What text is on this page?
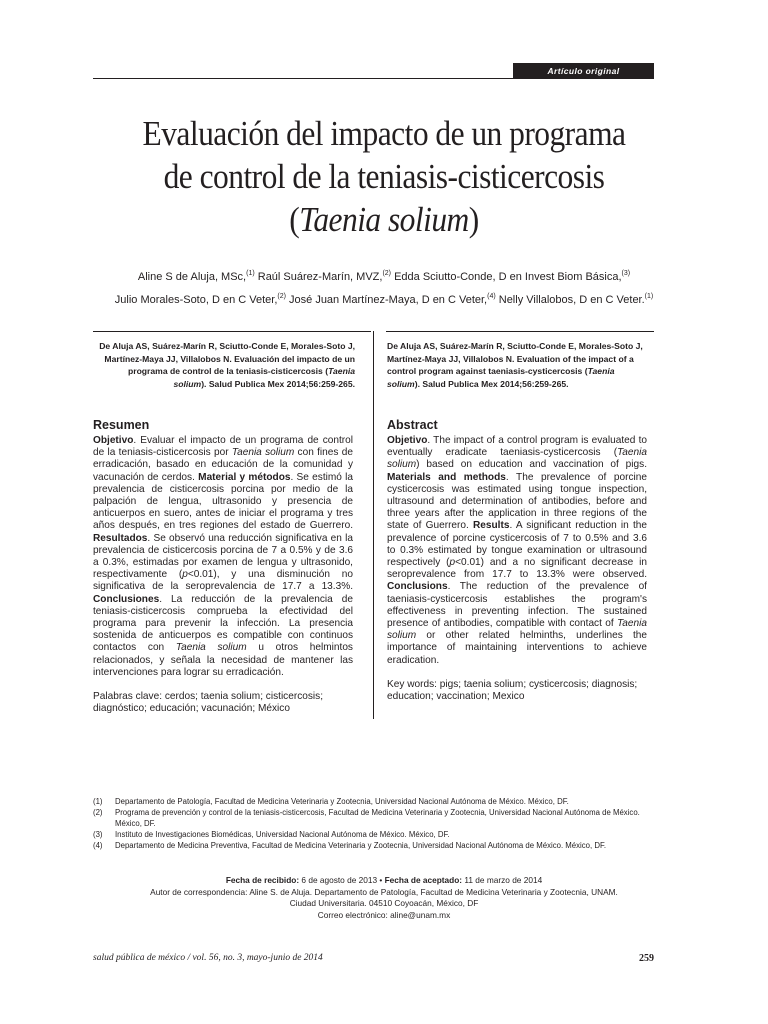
Artículo original
Evaluación del impacto de un programa
de control de la teniasis-cisticercosis
(Taenia solium)
Aline S de Aluja, MSc,$^{(1)}$ Raúl Suárez-Marín, MVZ,$^{(2)}$ Edda Sciutto-Conde, D en Invest Biom Básica,$^{(3)}$
Julio Morales-Soto, D en C Veter,$^{(2)}$ José Juan Martínez-Maya, D en C Veter,$^{(4)}$ Nelly Villalobos, D en C Veter.$^{(1)}$
De Aluja AS, Suárez-Marín R, Sciutto-Conde E, Morales-Soto J, Martínez-Maya JJ, Villalobos N. Evaluación del impacto de un programa de control de la teniasis-cisticercosis (Taenia solium). Salud Publica Mex 2014;56:259-265.
De Aluja AS, Suárez-Marín R, Sciutto-Conde E, Morales-Soto J, Martínez-Maya JJ, Villalobos N. Evaluation of the impact of a control program against taeniasis-cysticercosis (Taenia solium). Salud Publica Mex 2014;56:259-265.
Resumen

Objetivo. Evaluar el impacto de un programa de control de la teniasis-cisticercosis por Taenia solium con fines de erradicación, basado en educación de la comunidad y vacunación de cerdos. Material y métodos. Se estimó la prevalencia de cisticercosis porcina por medio de la palpación de lengua, ultrasonido y presencia de anticuerpos en suero, antes de iniciar el programa y tres años después, en tres regiones del estado de Guerrero. Resultados. Se observó una reducción significativa en la prevalencia de cisticercosis porcina de 7 a 0.5% y de 3.6 a 0.3%, estimadas por examen de lengua y ultrasonido, respectivamente (p<0.01), y una disminución no significativa de la seroprevalencia de 17.7 a 13.3%. Conclusiones. La reducción de la prevalencia de teniasis-cisticercosis comprueba la efectividad del programa para prevenir la infección. La presencia sostenida de anticuerpos es compatible con continuos contactos con Taenia solium u otros helmintos relacionados, y señala la necesidad de mantener las intervenciones para lograr su erradicación.

Palabras clave: cerdos; taenia solium; cisticercosis; diagnóstico; educación; vacunación; México

Abstract

Objetivo. The impact of a control program is evaluated to eventually eradicate taeniasis-cysticercosis (Taenia solium) based on education and vaccination of pigs. Materials and methods. The prevalence of porcine cysticercosis was estimated using tongue inspection, ultrasound and determination of antibodies, before and three years after the application in three regions of the state of Guerrero. Results. A significant reduction in the prevalence of porcine cysticercosis of 7 to 0.5% and 3.6 to 0.3% estimated by tongue examination or ultrasound respectively (p<0.01) and a no significant decrease in seroprevalence from 17.7 to 13.3% were observed. Conclusions. The reduction of the prevalence of taeniasis-cysticercosis establishes the program's effectiveness in preventing infection. The sustained presence of antibodies, compatible with contact of Taenia solium or other related helminths, underlines the importance of maintaining interventions to achieve eradication.

Key words: pigs; taenia solium; cysticercosis; diagnosis; education; vaccination; Mexico

(1)	Departamento de Patología, Facultad de Medicina Veterinaria y Zootecnia, Universidad Nacional Autónoma de México. México, DF.
(2)	Programa de prevención y control de la teniasis-cisticercosis, Facultad de Medicina Veterinaria y Zootecnia, Universidad Nacional Autónoma de México. México, DF.
(3)	Instituto de Investigaciones Biomédicas, Universidad Nacional Autónoma de México. México, DF.
(4)	Departamento de Medicina Preventiva, Facultad de Medicina Veterinaria y Zootecnia, Universidad Nacional Autónoma de México. México, DF.
Fecha de recibido: 6 de agosto de 2013 • Fecha de aceptado: 11 de marzo de 2014
Autor de correspondencia: Aline S. de Aluja. Departamento de Patología, Facultad de Medicina Veterinaria y Zootecnia, UNAM.
Ciudad Universitaria. 04510 Coyoacán, México, DF
Correo electrónico: aline@unam.mx
salud pública de méxico / vol. 56, no. 3, mayo-junio de 2014	259
